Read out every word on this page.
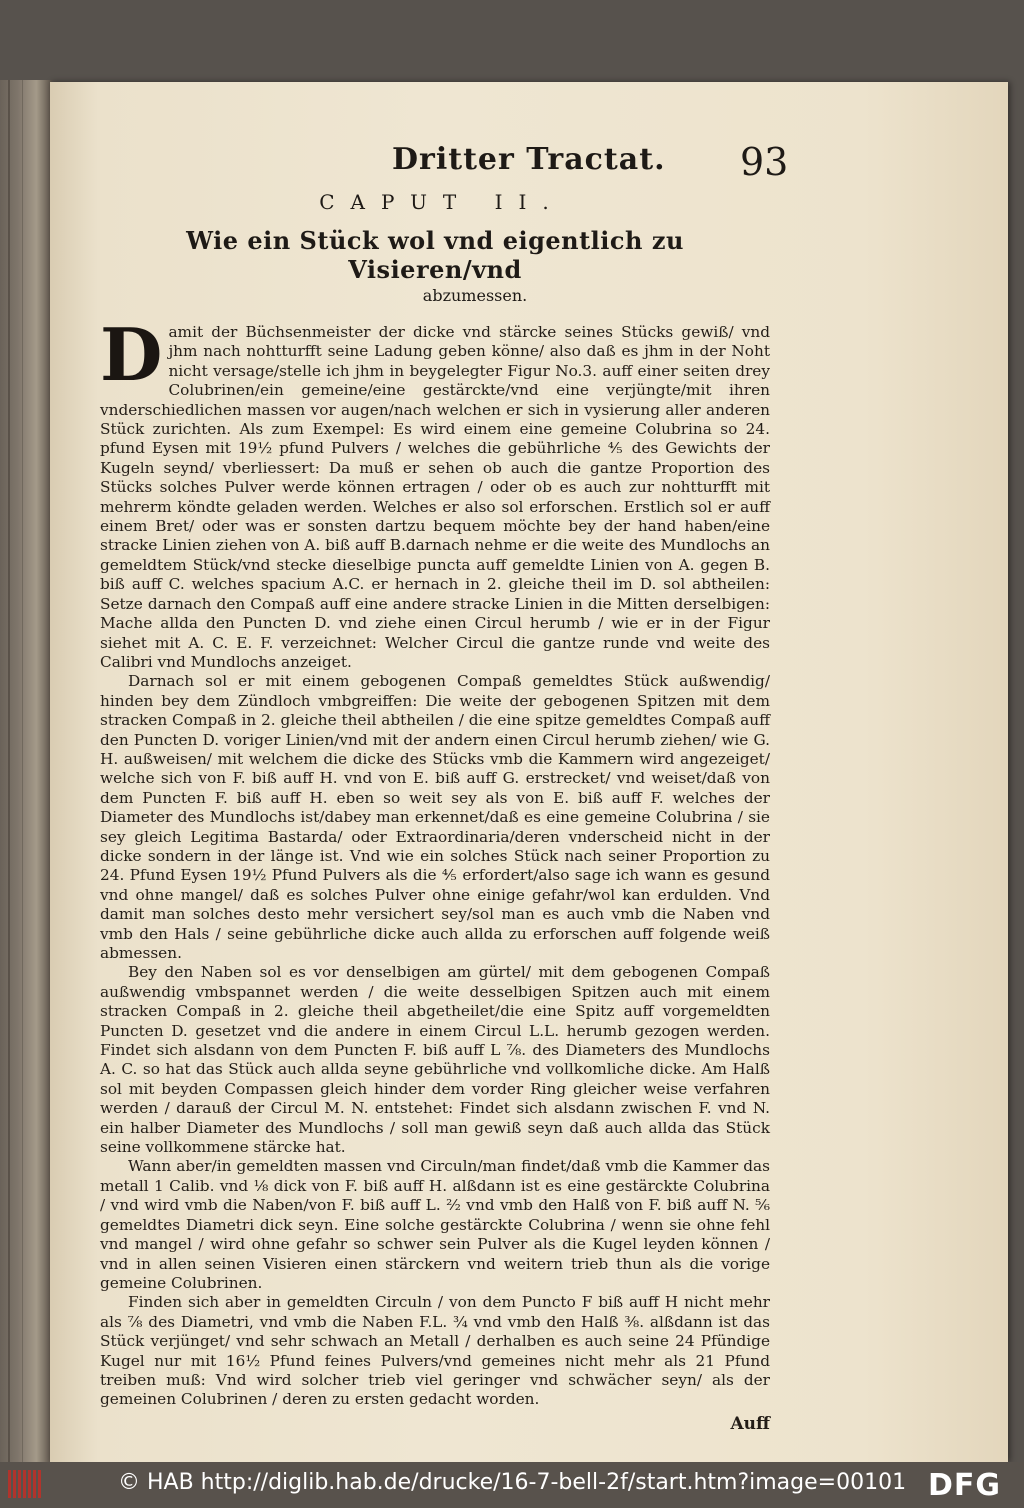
Dritter Tractat. 93
CAPUT II.
Wie ein Stück wol vnd eigentlich zu Visieren/vnd
abzumessen.

Damit der Büchsenmeister der dicke vnd stärcke seines Stücks gewiß/ vnd jhm nach nohtturfft seine Ladung geben könne/ also daß es jhm in der Noht nicht versage/stelle ich jhm in beygelegter Figur No.3. auff einer seiten drey Colubrinen/ein gemeine/eine gestärckte/vnd eine verjüngte/mit ihren vnderschiedlichen massen vor augen/nach welchen er sich in vysierung aller anderen Stück zurichten. Als zum Exempel: Es wird einem eine gemeine Colubrina so 24. pfund Eysen mit 19½ pfund Pulvers / welches die gebührliche ⅘ des Gewichts der Kugeln seynd/ vberliessert: Da muß er sehen ob auch die gantze Proportion des Stücks solches Pulver werde können ertragen / oder ob es auch zur nohtturfft mit mehrerm köndte geladen werden. Welches er also sol erforschen. Erstlich sol er auff einem Bret/ oder was er sonsten dartzu bequem möchte bey der hand haben/eine stracke Linien ziehen von A. biß auff B.darnach nehme er die weite des Mundlochs an gemeldtem Stück/vnd stecke dieselbige puncta auff gemeldte Linien von A. gegen B. biß auff C. welches spacium A.C. er hernach in 2. gleiche theil im D. sol abtheilen: Setze darnach den Compaß auff eine andere stracke Linien in die Mitten derselbigen: Mache allda den Puncten D. vnd ziehe einen Circul herumb / wie er in der Figur siehet mit A. C. E. F. verzeichnet: Welcher Circul die gantze runde vnd weite des Calibri vnd Mundlochs anzeiget.

Darnach sol er mit einem gebogenen Compaß gemeldtes Stück außwendig/ hinden bey dem Zündloch vmbgreiffen: Die weite der gebogenen Spitzen mit dem stracken Compaß in 2. gleiche theil abtheilen / die eine spitze gemeldtes Compaß auff den Puncten D. voriger Linien/vnd mit der andern einen Circul herumb ziehen/ wie G. H. außweisen/ mit welchem die dicke des Stücks vmb die Kammern wird angezeiget/ welche sich von F. biß auff H. vnd von E. biß auff G. erstrecket/ vnd weiset/daß von dem Puncten F. biß auff H. eben so weit sey als von E. biß auff F. welches der Diameter des Mundlochs ist/dabey man erkennet/daß es eine gemeine Colubrina / sie sey gleich Legitima Bastarda/ oder Extraordinaria/deren vnderscheid nicht in der dicke sondern in der länge ist. Vnd wie ein solches Stück nach seiner Proportion zu 24. Pfund Eysen 19½ Pfund Pulvers als die ⅘ erfordert/also sage ich wann es gesund vnd ohne mangel/ daß es solches Pulver ohne einige gefahr/wol kan erdulden. Vnd damit man solches desto mehr versichert sey/sol man es auch vmb die Naben vnd vmb den Hals / seine gebührliche dicke auch allda zu erforschen auff folgende weiß abmessen.

Bey den Naben sol es vor denselbigen am gürtel/ mit dem gebogenen Compaß außwendig vmbspannet werden / die weite desselbigen Spitzen auch mit einem stracken Compaß in 2. gleiche theil abgetheilet/die eine Spitz auff vorgemeldten Puncten D. gesetzet vnd die andere in einem Circul L.L. herumb gezogen werden. Findet sich alsdann von dem Puncten F. biß auff L ⅞. des Diameters des Mundlochs A. C. so hat das Stück auch allda seyne gebührliche vnd vollkomliche dicke. Am Halß sol mit beyden Compassen gleich hinder dem vorder Ring gleicher weise verfahren werden / darauß der Circul M. N. entstehet: Findet sich alsdann zwischen F. vnd N. ein halber Diameter des Mundlochs / soll man gewiß seyn daß auch allda das Stück seine vollkommene stärcke hat.

Wann aber/in gemeldten massen vnd Circuln/man findet/daß vmb die Kammer das metall 1 Calib. vnd ⅛ dick von F. biß auff H. alßdann ist es eine gestärckte Colubrina / vnd wird vmb die Naben/von F. biß auff L. ²⁄₂ vnd vmb den Halß von F. biß auff N. ⁵⁄₆ gemeldtes Diametri dick seyn. Eine solche gestärckte Colubrina / wenn sie ohne fehl vnd mangel / wird ohne gefahr so schwer sein Pulver als die Kugel leyden können / vnd in allen seinen Visieren einen stärckern vnd weitern trieb thun als die vorige gemeine Colubrinen.

Finden sich aber in gemeldten Circuln / von dem Puncto F biß auff H nicht mehr als ⅞ des Diametri, vnd vmb die Naben F.L. ¾ vnd vmb den Halß ⅜. alßdann ist das Stück verjünget/ vnd sehr schwach an Metall / derhalben es auch seine 24 Pfündige Kugel nur mit 16½ Pfund feines Pulvers/vnd gemeines nicht mehr als 21 Pfund treiben muß: Vnd wird solcher trieb viel geringer vnd schwächer seyn/ als der gemeinen Colubrinen / deren zu ersten gedacht worden.

Auff
© HAB http://diglib.hab.de/drucke/16-7-bell-2f/start.htm?image=00101 DFG
